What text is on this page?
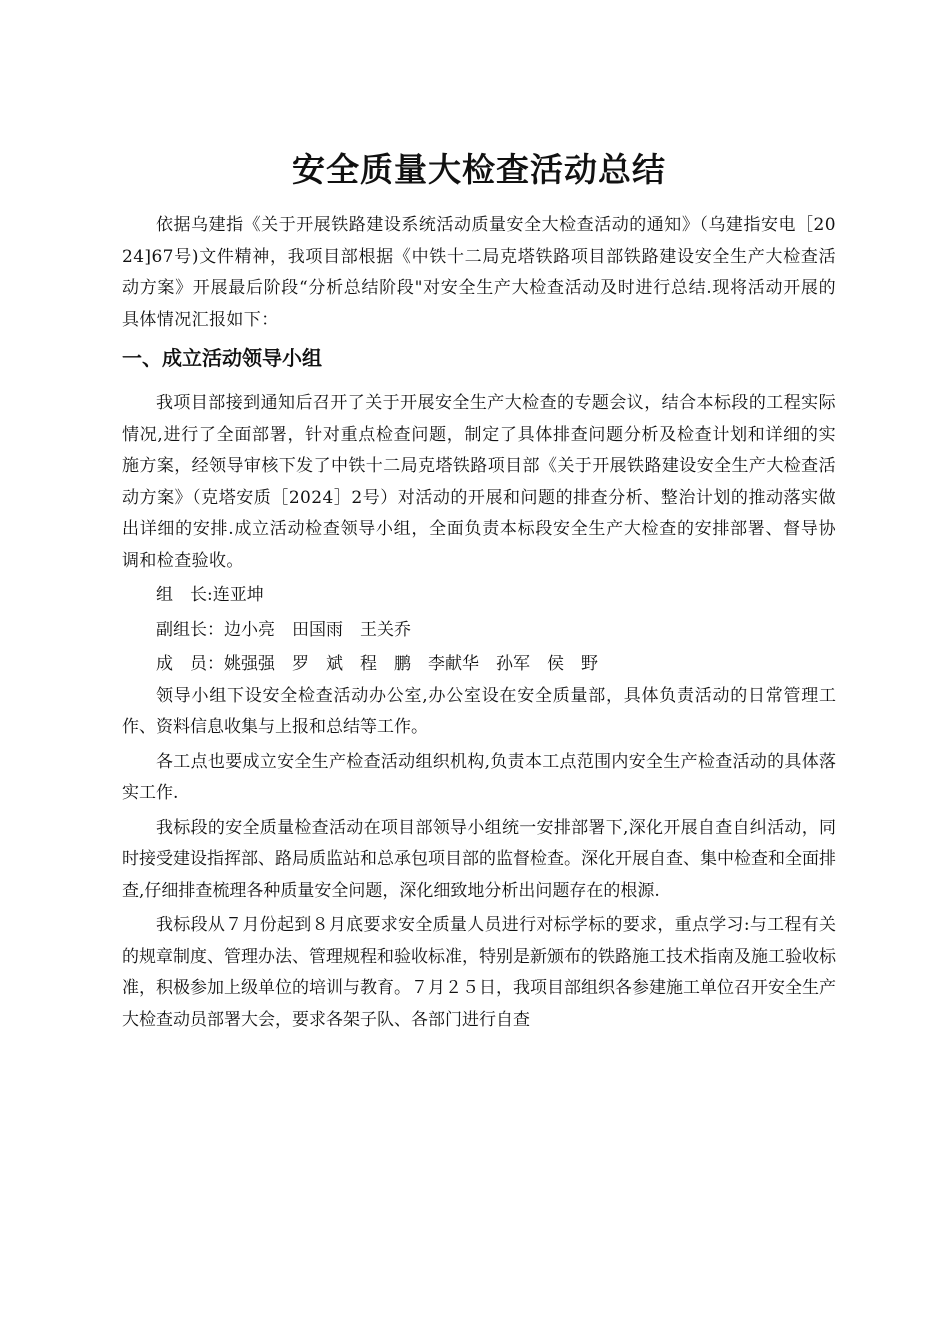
安全质量大检查活动总结

依据乌建指《关于开展铁路建设系统活动质量安全大检查活动的通知》（乌建指安电［2024]67号)文件精神，我项目部根据《中铁十二局克塔铁路项目部铁路建设安全生产大检查活动方案》开展最后阶段“分析总结阶段"对安全生产大检查活动及时进行总结.现将活动开展的具体情况汇报如下：

一、成立活动领导小组

我项目部接到通知后召开了关于开展安全生产大检查的专题会议，结合本标段的工程实际情况,进行了全面部署，针对重点检查问题，制定了具体排查问题分析及检查计划和详细的实施方案，经领导审核下发了中铁十二局克塔铁路项目部《关于开展铁路建设安全生产大检查活动方案》（克塔安质［2024］2号）对活动的开展和问题的排查分析、整治计划的推动落实做出详细的安排.成立活动检查领导小组，全面负责本标段安全生产大检查的安排部署、督导协调和检查验收。

组　长:连亚坤

副组长：边小亮　田国雨　王关乔

成　员：姚强强　罗　斌　程　鹏　李献华　孙军　侯　野

领导小组下设安全检查活动办公室,办公室设在安全质量部，具体负责活动的日常管理工作、资料信息收集与上报和总结等工作。

各工点也要成立安全生产检查活动组织机构,负责本工点范围内安全生产检查活动的具体落实工作.

我标段的安全质量检查活动在项目部领导小组统一安排部署下,深化开展自查自纠活动，同时接受建设指挥部、路局质监站和总承包项目部的监督检查。深化开展自查、集中检查和全面排查,仔细排查梳理各种质量安全问题，深化细致地分析出问题存在的根源.

我标段从７月份起到８月底要求安全质量人员进行对标学标的要求，重点学习:与工程有关的规章制度、管理办法、管理规程和验收标准，特别是新颁布的铁路施工技术指南及施工验收标准，积极参加上级单位的培训与教育。７月２５日，我项目部组织各参建施工单位召开安全生产大检查动员部署大会，要求各架子队、各部门进行自查
